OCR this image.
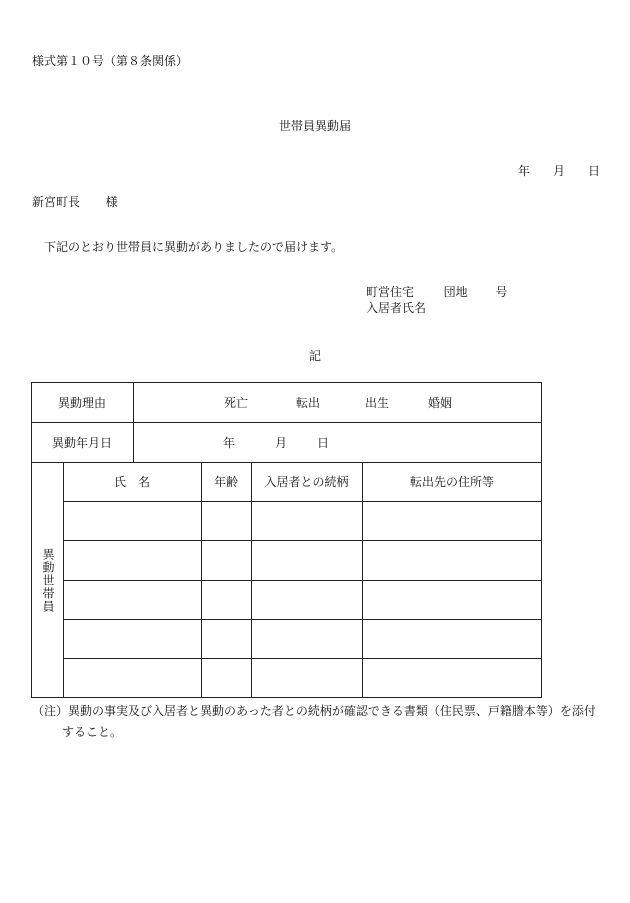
様式第１０号（第８条関係）
世帯員異動届
年 月 日
新宮町長 様
下記のとおり世帯員に異動がありましたので届けます。
町営住宅 団地 号
入居者氏名
記
異動理由	死亡	転出	出生	婚姻
異動年月日	年	月 日
異動世帯員
氏　名	年齢	入居者との続柄	転出先の住所等
（注）異動の事実及び入居者と異動のあった者との続柄が確認できる書類（住民票、戸籍謄本等）を添付
すること。
